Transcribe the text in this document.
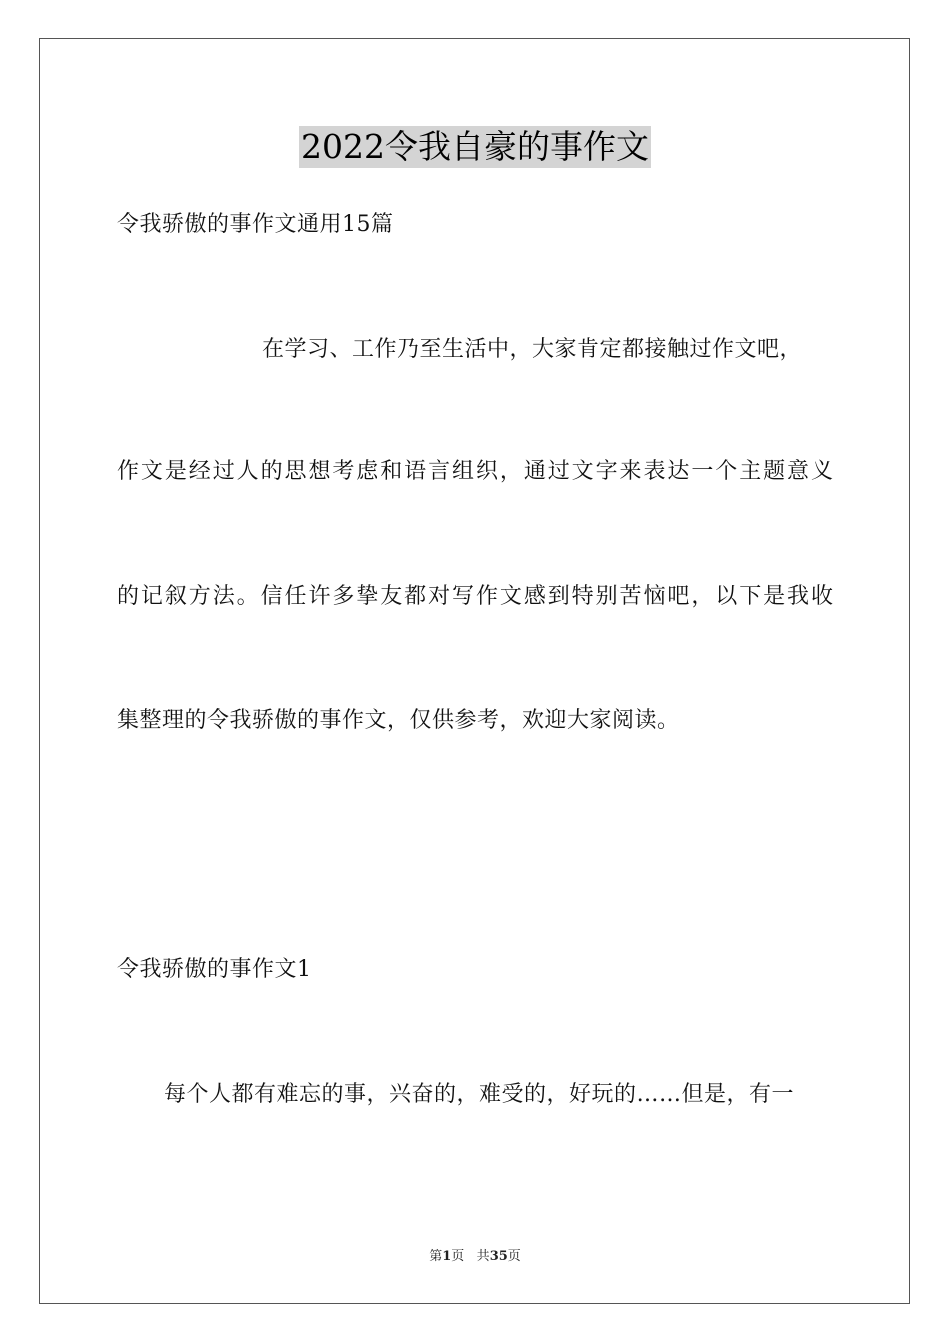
2022令我自豪的事作文
令我骄傲的事作文通用15篇
在学习、工作乃至生活中，大家肯定都接触过作文吧，
作文是经过人的思想考虑和语言组织，通过文字来表达一个主题意义
的记叙方法。信任许多挚友都对写作文感到特别苦恼吧，以下是我收
集整理的令我骄傲的事作文，仅供参考，欢迎大家阅读。
令我骄傲的事作文1
每个人都有难忘的事，兴奋的，难受的，好玩的……但是，有一
第1页 共35页
